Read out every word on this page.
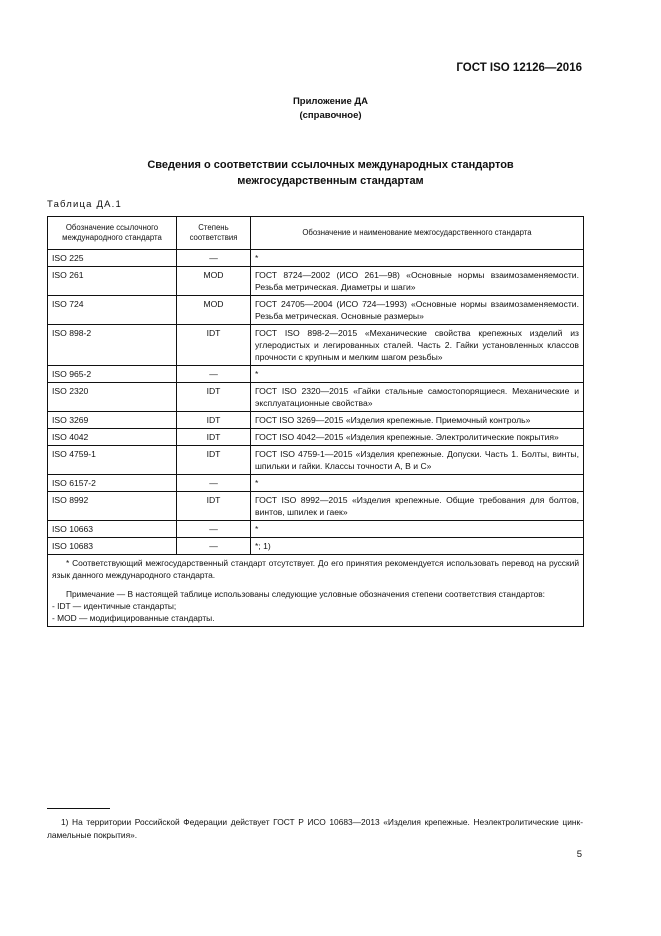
ГОСТ ISO 12126—2016
Приложение ДА
(справочное)
Сведения о соответствии ссылочных международных стандартов
межгосударственным стандартам
Таблица ДА.1
Обозначение ссылочного международного стандарта	Степень соответствия	Обозначение и наименование межгосударственного стандарта
ISO 225	—	*
ISO 261	MOD	ГОСТ 8724—2002 (ИСО 261—98) «Основные нормы взаимозаменяемости. Резьба метрическая. Диаметры и шаги»
ISO 724	MOD	ГОСТ 24705—2004 (ИСО 724—1993) «Основные нормы взаимозаменяемости. Резьба метрическая. Основные размеры»
ISO 898-2	IDT	ГОСТ ISO 898-2—2015 «Механические свойства крепежных изделий из углеродистых и легированных сталей. Часть 2. Гайки установленных классов прочности с крупным и мелким шагом резьбы»
ISO 965-2	—	*
ISO 2320	IDT	ГОСТ ISO 2320—2015 «Гайки стальные самостопорящиеся. Механические и эксплуатационные свойства»
ISO 3269	IDT	ГОСТ ISO 3269—2015 «Изделия крепежные. Приемочный контроль»
ISO 4042	IDT	ГОСТ ISO 4042—2015 «Изделия крепежные. Электролитические покрытия»
ISO 4759-1	IDT	ГОСТ ISO 4759-1—2015 «Изделия крепежные. Допуски. Часть 1. Болты, винты, шпильки и гайки. Классы точности А, В и С»
ISO 6157-2	—	*
ISO 8992	IDT	ГОСТ ISO 8992—2015 «Изделия крепежные. Общие требования для болтов, винтов, шпилек и гаек»
ISO 10663	—	*
ISO 10683	—	*; 1)

* Соответствующий межгосударственный стандарт отсутствует. До его принятия рекомендуется использовать перевод на русский язык данного международного стандарта.

Примечание — В настоящей таблице использованы следующие условные обозначения степени соответствия стандартов:

- IDT — идентичные стандарты;

- MOD — модифицированные стандарты.		

1) На территории Российской Федерации действует ГОСТ Р ИСО 10683—2013 «Изделия крепежные. Неэлектролитические цинк-ламельные покрытия».
5
